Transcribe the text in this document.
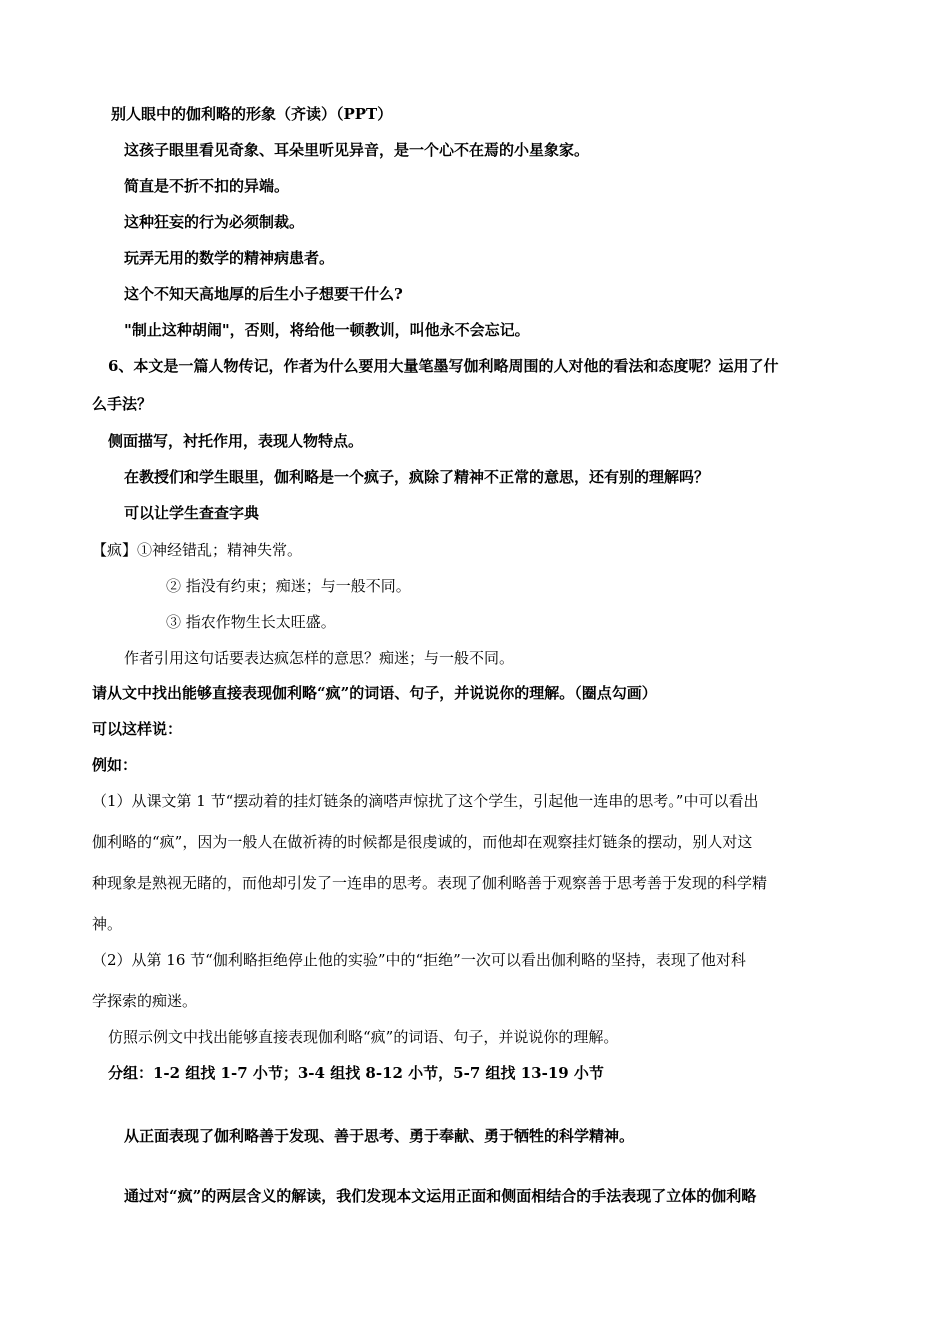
别人眼中的伽利略的形象（齐读）（PPT）
这孩子眼里看见奇象、耳朵里听见异音，是一个心不在焉的小星象家。
简直是不折不扣的异端。
这种狂妄的行为必须制裁。
玩弄无用的数学的精神病患者。
这个不知天高地厚的后生小子想要干什么?
"制止这种胡闹"，否则，将给他一顿教训，叫他永不会忘记。
6、本文是一篇人物传记，作者为什么要用大量笔墨写伽利略周围的人对他的看法和态度呢？运用了什
么手法？
侧面描写，衬托作用，表现人物特点。
在教授们和学生眼里，伽利略是一个疯子，疯除了精神不正常的意思，还有别的理解吗？
可以让学生查查字典
【疯】①神经错乱；精神失常。
② 指没有约束；痴迷；与一般不同。
③ 指农作物生长太旺盛。
作者引用这句话要表达疯怎样的意思？痴迷；与一般不同。
请从文中找出能够直接表现伽利略“疯”的词语、句子，并说说你的理解。（圈点勾画）
可以这样说：
例如：
（1）从课文第 1 节“摆动着的挂灯链条的滴嗒声惊扰了这个学生，引起他一连串的思考。”中可以看出
伽利略的“疯”，因为一般人在做祈祷的时候都是很虔诚的，而他却在观察挂灯链条的摆动，别人对这
种现象是熟视无睹的，而他却引发了一连串的思考。表现了伽利略善于观察善于思考善于发现的科学精
神。
（2）从第 16 节“伽利略拒绝停止他的实验”中的“拒绝”一次可以看出伽利略的坚持，表现了他对科
学探索的痴迷。
仿照示例文中找出能够直接表现伽利略“疯”的词语、句子，并说说你的理解。
分组：1-2 组找 1-7 小节；3-4 组找 8-12 小节，5-7 组找 13-19 小节
从正面表现了伽利略善于发现、善于思考、勇于奉献、勇于牺牲的科学精神。
通过对“疯”的两层含义的解读，我们发现本文运用正面和侧面相结合的手法表现了立体的伽利略
